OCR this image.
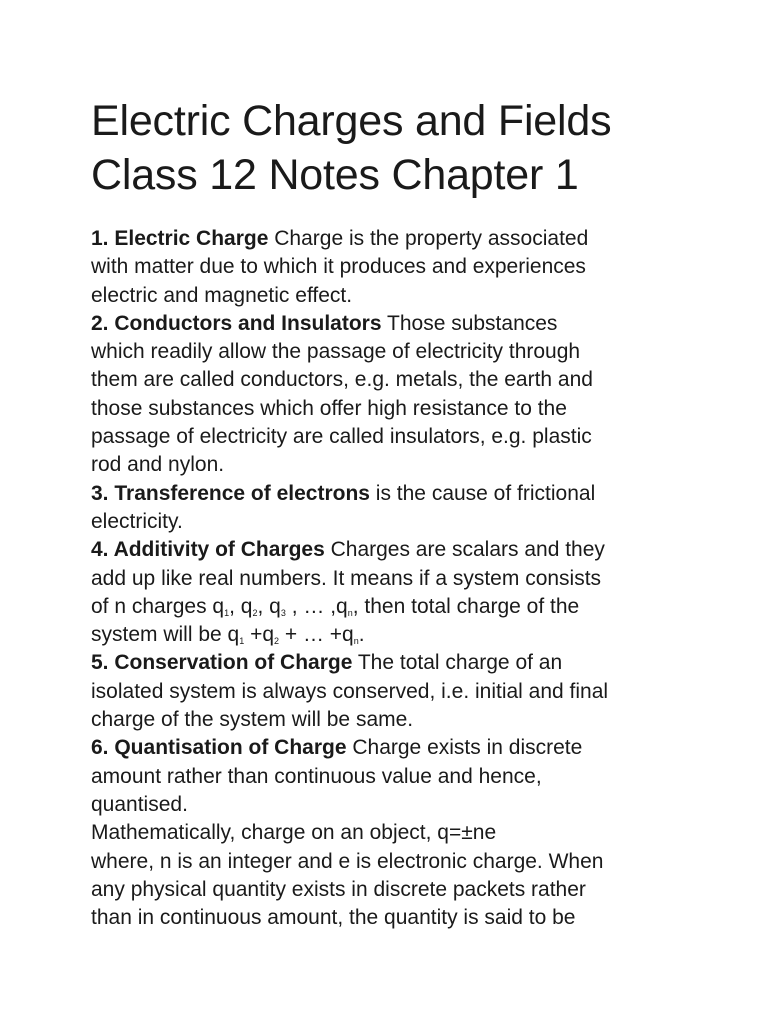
Electric Charges and Fields
Class 12 Notes Chapter 1

1. Electric Charge Charge is the property associated
with matter due to which it produces and experiences
electric and magnetic effect.

2. Conductors and Insulators Those substances
which readily allow the passage of electricity through
them are called conductors, e.g. metals, the earth and
those substances which offer high resistance to the
passage of electricity are called insulators, e.g. plastic
rod and nylon.

3. Transference of electrons is the cause of frictional
electricity.

4. Additivity of Charges Charges are scalars and they
add up like real numbers. It means if a system consists
of n charges $q_1$, $q_2$, $q_3$ , … $,q_n$, then total charge of the
system will be $q_1 +q_2$ + … $+q_n$.

5. Conservation of Charge The total charge of an
isolated system is always conserved, i.e. initial and final
charge of the system will be same.

6. Quantisation of Charge Charge exists in discrete
amount rather than continuous value and hence,
quantised.
Mathematically, charge on an object, q=±ne
where, n is an integer and e is electronic charge. When
any physical quantity exists in discrete packets rather
than in continuous amount, the quantity is said to be
